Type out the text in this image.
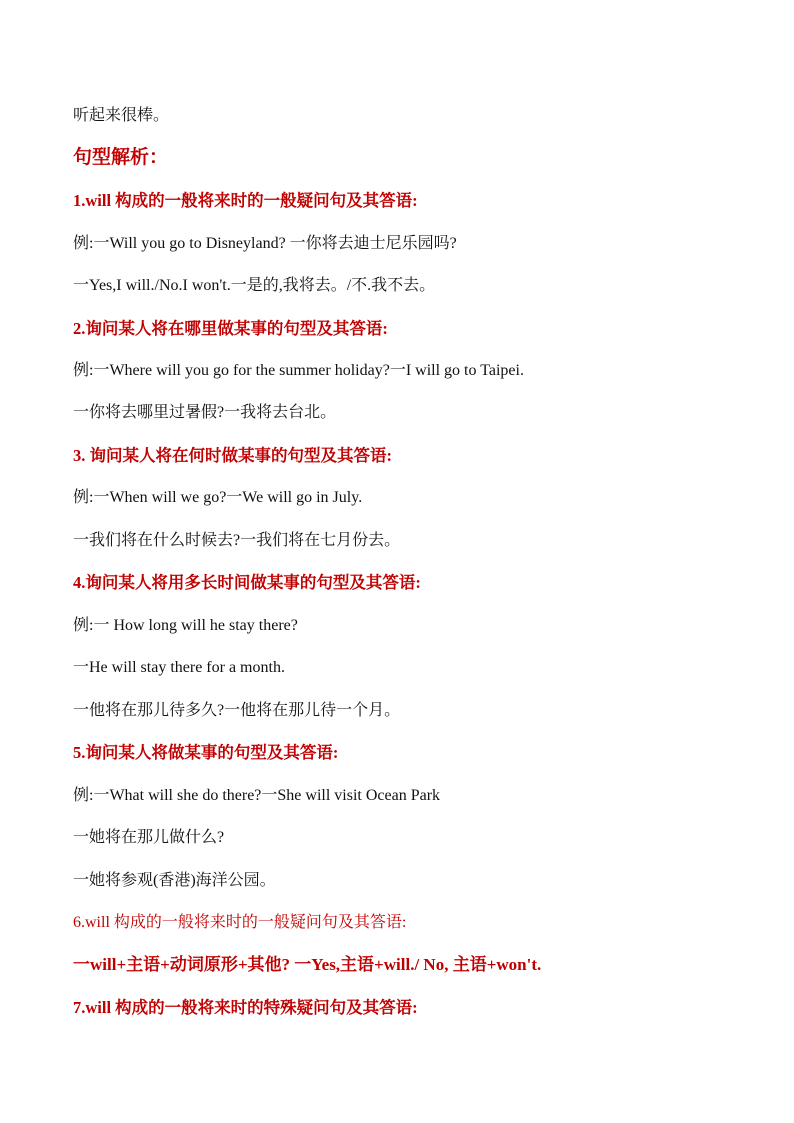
听起来很棒。
句型解析：
1.will 构成的一般将来时的一般疑问句及其答语:
例:一Will you go to Disneyland? 一你将去迪士尼乐园吗?
一Yes,I will./No.I won't.一是的,我将去。/不.我不去。
2.询问某人将在哪里做某事的句型及其答语:
例:一Where will you go for the summer holiday?一I will go to Taipei.
一你将去哪里过暑假?一我将去台北。
3. 询问某人将在何时做某事的句型及其答语:
例:一When will we go?一We will go in July.
一我们将在什么时候去?一我们将在七月份去。
4.询问某人将用多长时间做某事的句型及其答语:
例:一 How long will he stay there?
一He will stay there for a month.
一他将在那儿待多久?一他将在那儿待一个月。
5.询问某人将做某事的句型及其答语:
例:一What will she do there?一She will visit Ocean Park
一她将在那儿做什么?
一她将参观(香港)海洋公园。
6.will 构成的一般将来时的一般疑问句及其答语:
一will+主语+动词原形+其他? 一Yes,主语+will./ No, 主语+won't.
7.will 构成的一般将来时的特殊疑问句及其答语:
